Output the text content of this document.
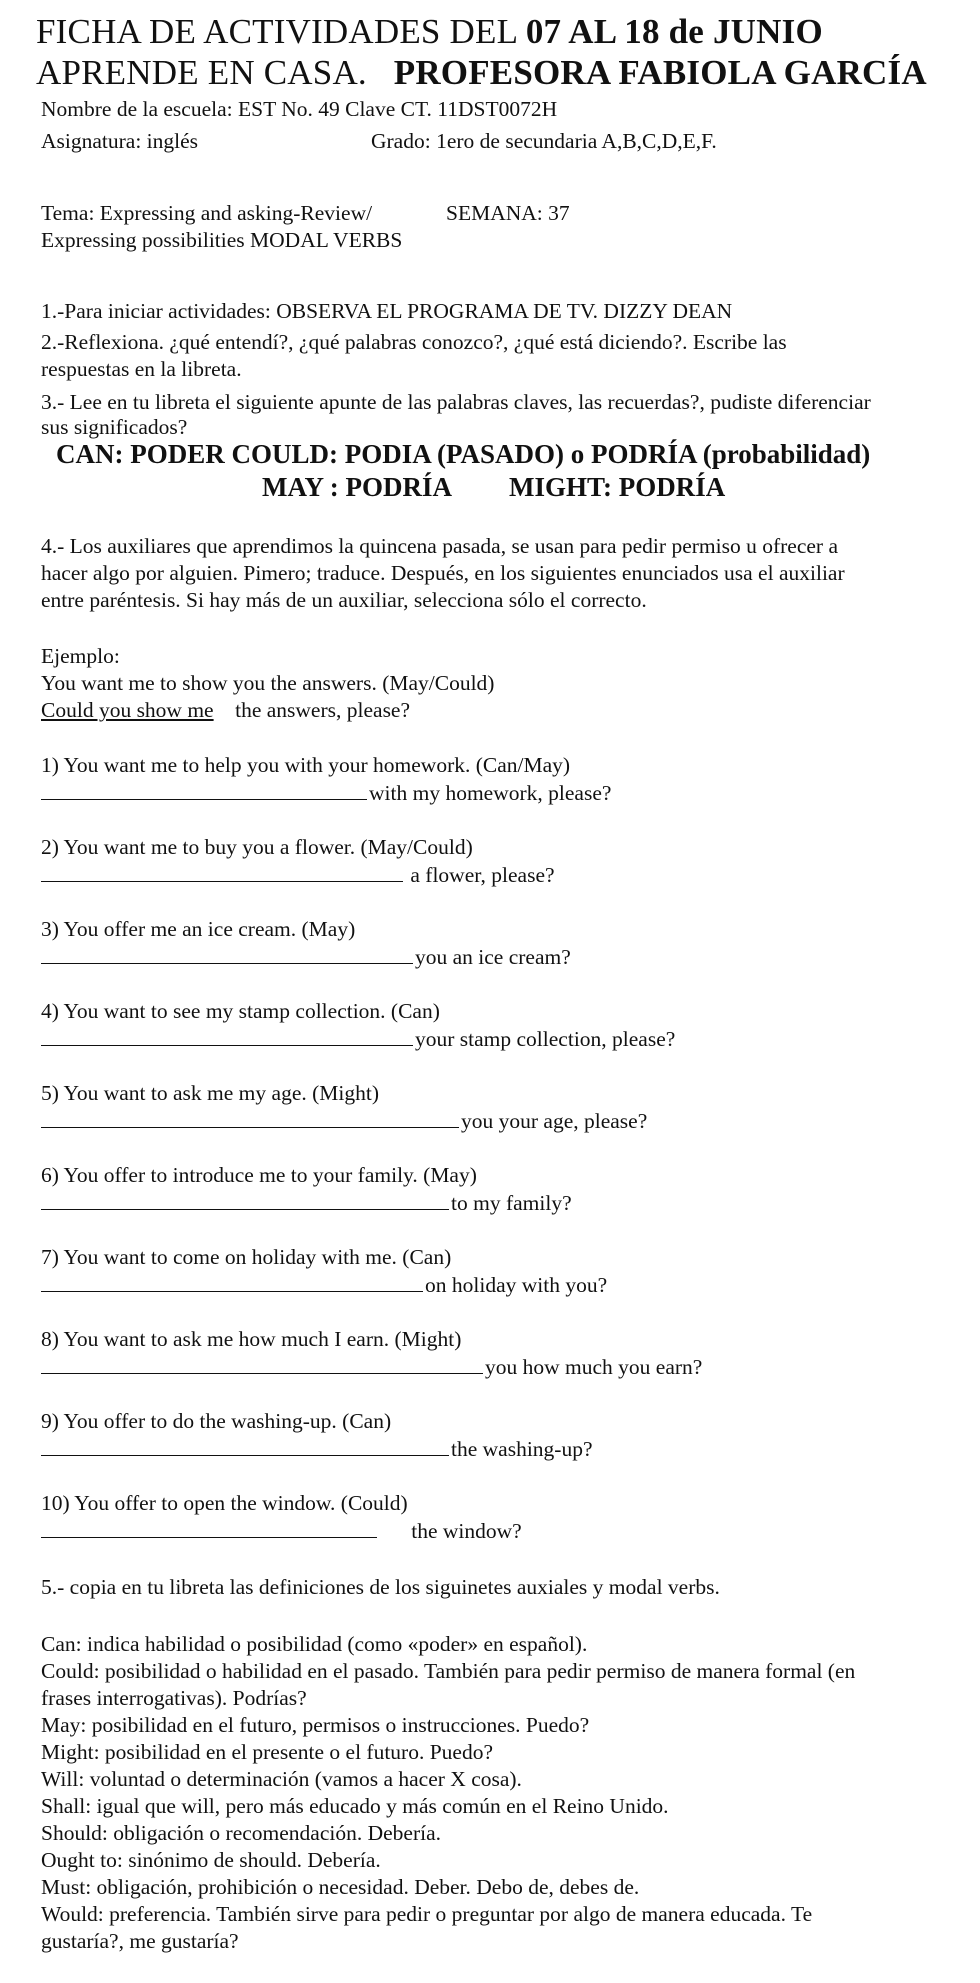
FICHA DE ACTIVIDADES DEL 07 AL 18 de JUNIO
APRENDE EN CASA. PROFESORA FABIOLA GARCÍA
Nombre de la escuela: EST No. 49 Clave CT. 11DST0072H
Asignatura: inglés	Grado: 1ero de secundaria A,B,C,D,E,F.
Tema: Expressing and asking-Review/	SEMANA: 37
Expressing possibilities MODAL VERBS
1.-Para iniciar actividades: OBSERVA EL PROGRAMA DE TV. DIZZY DEAN
2.-Reflexiona. ¿qué entendí?, ¿qué palabras conozco?, ¿qué está diciendo?. Escribe las
respuestas en la libreta.
3.- Lee en tu libreta el siguiente apunte de las palabras claves, las recuerdas?, pudiste diferenciar
sus significados?
CAN: PODER COULD: PODIA (PASADO) o PODRÍA (probabilidad)
MAY : PODRÍA MIGHT: PODRÍA
4.- Los auxiliares que aprendimos la quincena pasada, se usan para pedir permiso u ofrecer a
hacer algo por alguien. Pimero; traduce. Después, en los siguientes enunciados usa el auxiliar
entre paréntesis. Si hay más de un auxiliar, selecciona sólo el correcto.
Ejemplo:
You want me to show you the answers. (May/Could)
Could you show me the answers, please?
1) You want me to help you with your homework. (Can/May)
with my homework, please?
2) You want me to buy you a flower. (May/Could)
a flower, please?
3) You offer me an ice cream. (May)
you an ice cream?
4) You want to see my stamp collection. (Can)
your stamp collection, please?
5) You want to ask me my age. (Might)
you your age, please?
6) You offer to introduce me to your family. (May)
to my family?
7) You want to come on holiday with me. (Can)
on holiday with you?
8) You want to ask me how much I earn. (Might)
you how much you earn?
9) You offer to do the washing-up. (Can)
the washing-up?
10) You offer to open the window. (Could)
the window?
5.- copia en tu libreta las definiciones de los siguinetes auxiales y modal verbs.
Can: indica habilidad o posibilidad (como «poder» en español).
Could: posibilidad o habilidad en el pasado. También para pedir permiso de manera formal (en
frases interrogativas). Podrías?
May: posibilidad en el futuro, permisos o instrucciones. Puedo?
Might: posibilidad en el presente o el futuro. Puedo?
Will: voluntad o determinación (vamos a hacer X cosa).
Shall: igual que will, pero más educado y más común en el Reino Unido.
Should: obligación o recomendación. Debería.
Ought to: sinónimo de should. Debería.
Must: obligación, prohibición o necesidad. Deber. Debo de, debes de.
Would: preferencia. También sirve para pedir o preguntar por algo de manera educada. Te
gustaría?, me gustaría?
